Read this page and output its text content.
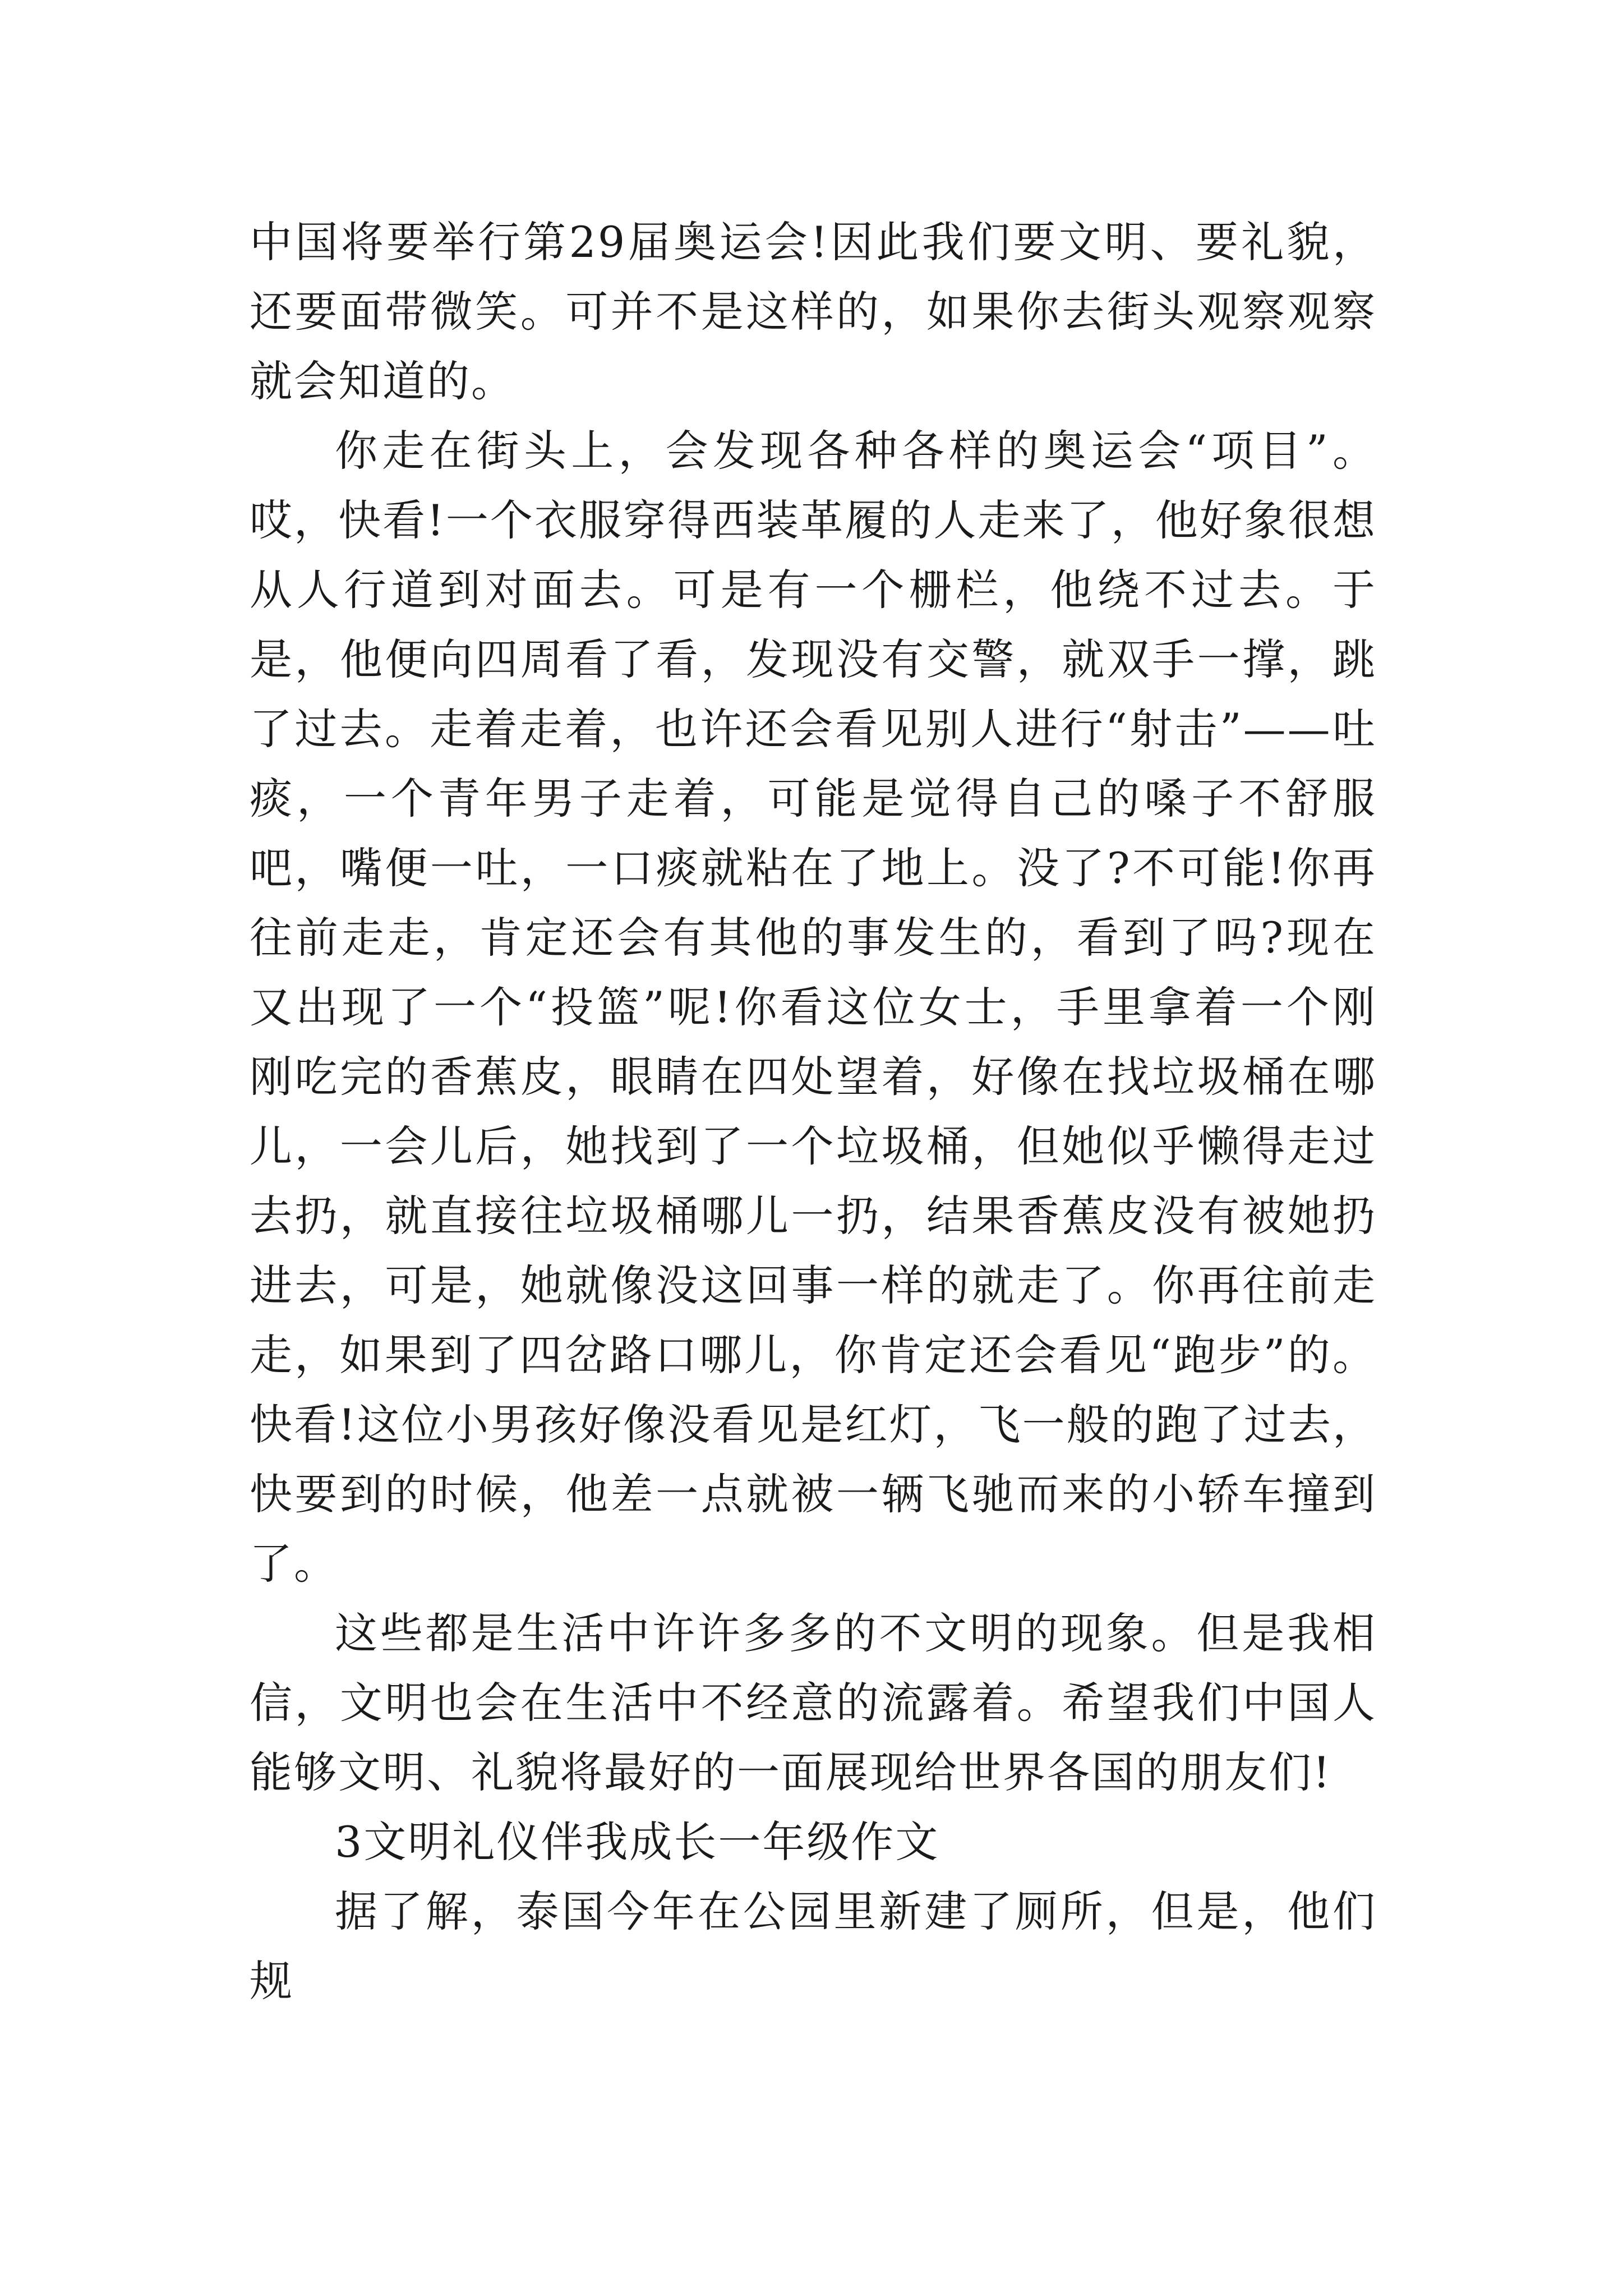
中国将要举行第29届奥运会!因此我们要文明、要礼貌，还要面带微笑。可并不是这样的，如果你去街头观察观察就会知道的。

你走在街头上，会发现各种各样的奥运会“项目”。哎，快看!一个衣服穿得西装革履的人走来了，他好象很想从人行道到对面去。可是有一个栅栏，他绕不过去。于是，他便向四周看了看，发现没有交警，就双手一撑，跳了过去。走着走着，也许还会看见别人进行“射击”——吐痰，一个青年男子走着，可能是觉得自己的嗓子不舒服吧，嘴便一吐，一口痰就粘在了地上。没了?不可能!你再往前走走，肯定还会有其他的事发生的，看到了吗?现在又出现了一个“投篮”呢!你看这位女士，手里拿着一个刚刚吃完的香蕉皮，眼睛在四处望着，好像在找垃圾桶在哪儿，一会儿后，她找到了一个垃圾桶，但她似乎懒得走过去扔，就直接往垃圾桶哪儿一扔，结果香蕉皮没有被她扔进去，可是，她就像没这回事一样的就走了。你再往前走走，如果到了四岔路口哪儿，你肯定还会看见“跑步”的。快看!这位小男孩好像没看见是红灯，飞一般的跑了过去，快要到的时候，他差一点就被一辆飞驰而来的小轿车撞到了。

这些都是生活中许许多多的不文明的现象。但是我相信，文明也会在生活中不经意的流露着。希望我们中国人能够文明、礼貌将最好的一面展现给世界各国的朋友们!

3文明礼仪伴我成长一年级作文

据了解，泰国今年在公园里新建了厕所，但是，他们规
